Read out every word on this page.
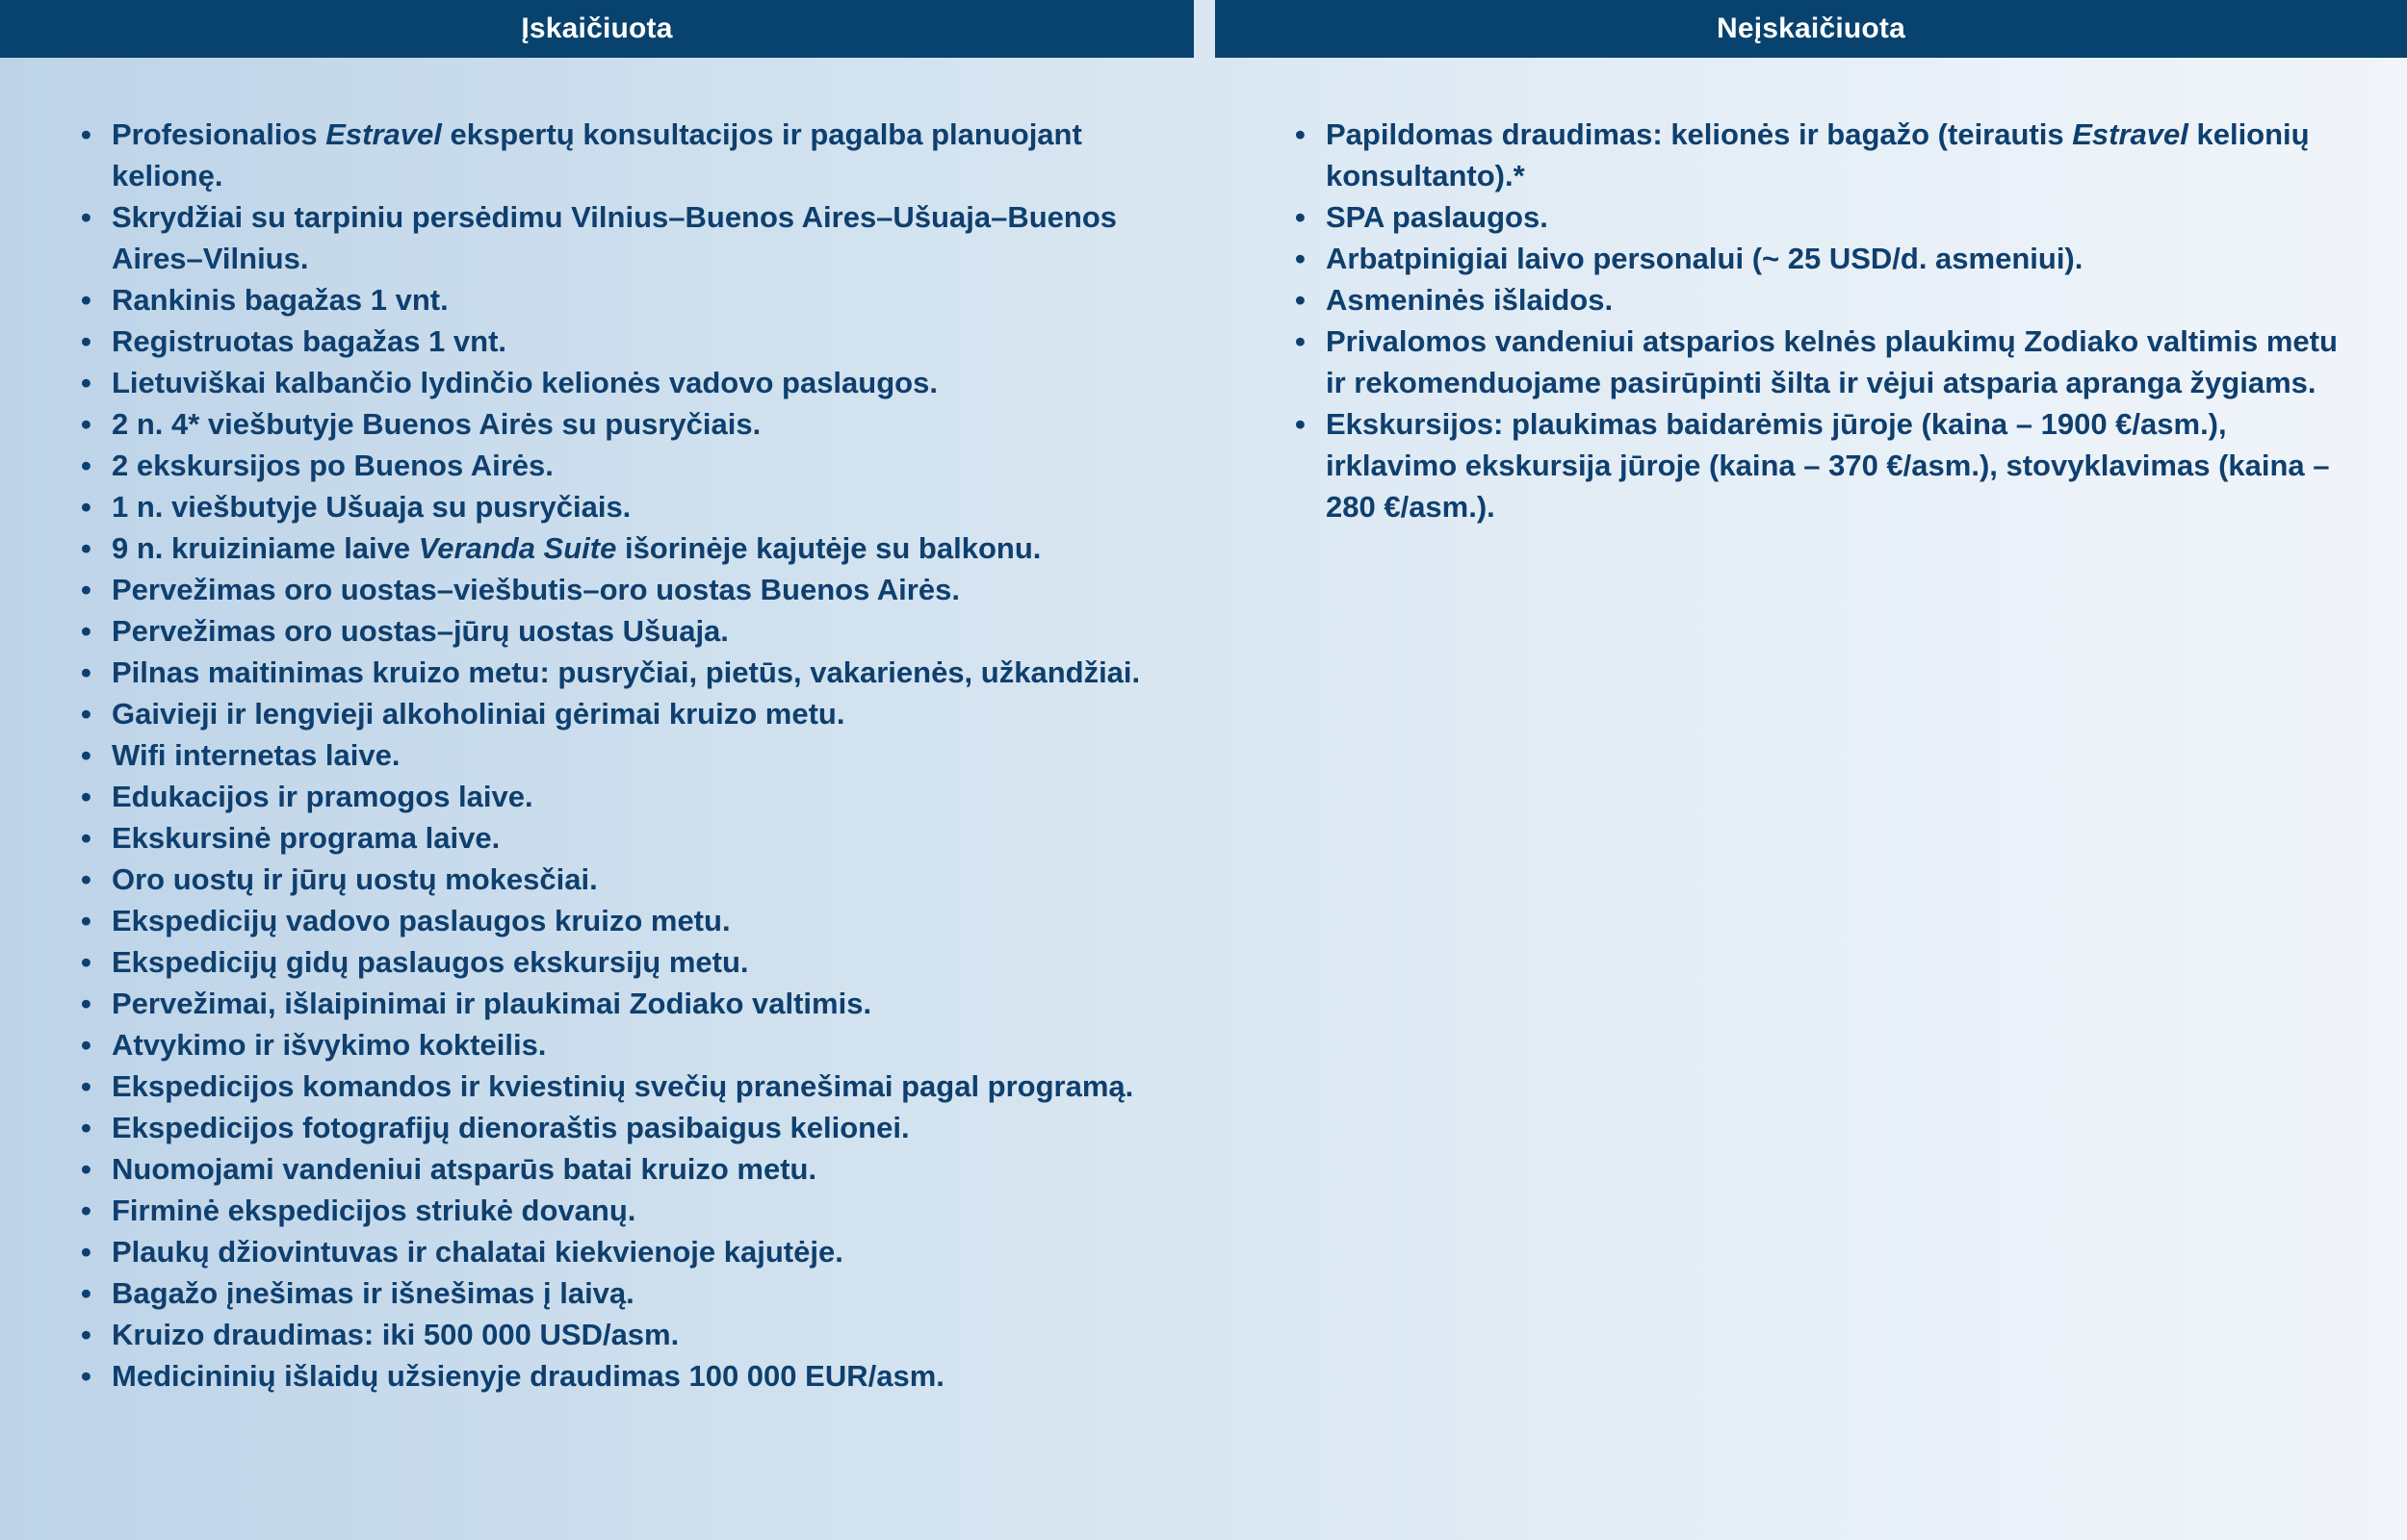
Įskaičiuota	Neįskaičiuota
• Profesionalios Estravel ekspertų konsultacijos ir pagalba planuojant kelionę.
• Skrydžiai su tarpiniu persėdimu Vilnius–Buenos Aires–Ušuaja–Buenos Aires–Vilnius.
• Rankinis bagažas 1 vnt.
• Registruotas bagažas 1 vnt.
• Lietuviškai kalbančio lydinčio kelionės vadovo paslaugos.
• 2 n. 4* viešbutyje Buenos Airės su pusryčiais.
• 2 ekskursijos po Buenos Airės.
• 1 n. viešbutyje Ušuaja su pusryčiais.
• 9 n. kruiziniame laive Veranda Suite išorinėje kajutėje su balkonu.
• Pervežimas oro uostas–viešbutis–oro uostas Buenos Airės.
• Pervežimas oro uostas–jūrų uostas Ušuaja.
• Pilnas maitinimas kruizo metu: pusryčiai, pietūs, vakarienės, užkandžiai.
• Gaivieji ir lengvieji alkoholiniai gėrimai kruizo metu.
• Wifi internetas laive.
• Edukacijos ir pramogos laive.
• Ekskursinė programa laive.
• Oro uostų ir jūrų uostų mokesčiai.
• Ekspedicijų vadovo paslaugos kruizo metu.
• Ekspedicijų gidų paslaugos ekskursijų metu.
• Pervežimai, išlaipinimai ir plaukimai Zodiako valtimis.
• Atvykimo ir išvykimo kokteilis.
• Ekspedicijos komandos ir kviestinių svečių pranešimai pagal programą.
• Ekspedicijos fotografijų dienoraštis pasibaigus kelionei.
• Nuomojami vandeniui atsparūs batai kruizo metu.
• Firminė ekspedicijos striukė dovanų.
• Plaukų džiovintuvas ir chalatai kiekvienoje kajutėje.
• Bagažo įnešimas ir išnešimas į laivą.
• Kruizo draudimas: iki 500 000 USD/asm.
• Medicininių išlaidų užsienyje draudimas 100 000 EUR/asm.
• Papildomas draudimas: kelionės ir bagažo (teirautis Estravel kelionių konsultanto).*
• SPA paslaugos.
• Arbatpinigiai laivo personalui (~ 25 USD/d. asmeniui).
• Asmeninės išlaidos.
• Privalomos vandeniui atsparios kelnės plaukimų Zodiako valtimis metu ir rekomenduojame pasirūpinti šilta ir vėjui atsparia apranga žygiams.
• Ekskursijos: plaukimas baidarėmis jūroje (kaina – 1900 €/asm.), irklavimo ekskursija jūroje (kaina – 370 €/asm.), stovyklavimas (kaina – 280 €/asm.).
